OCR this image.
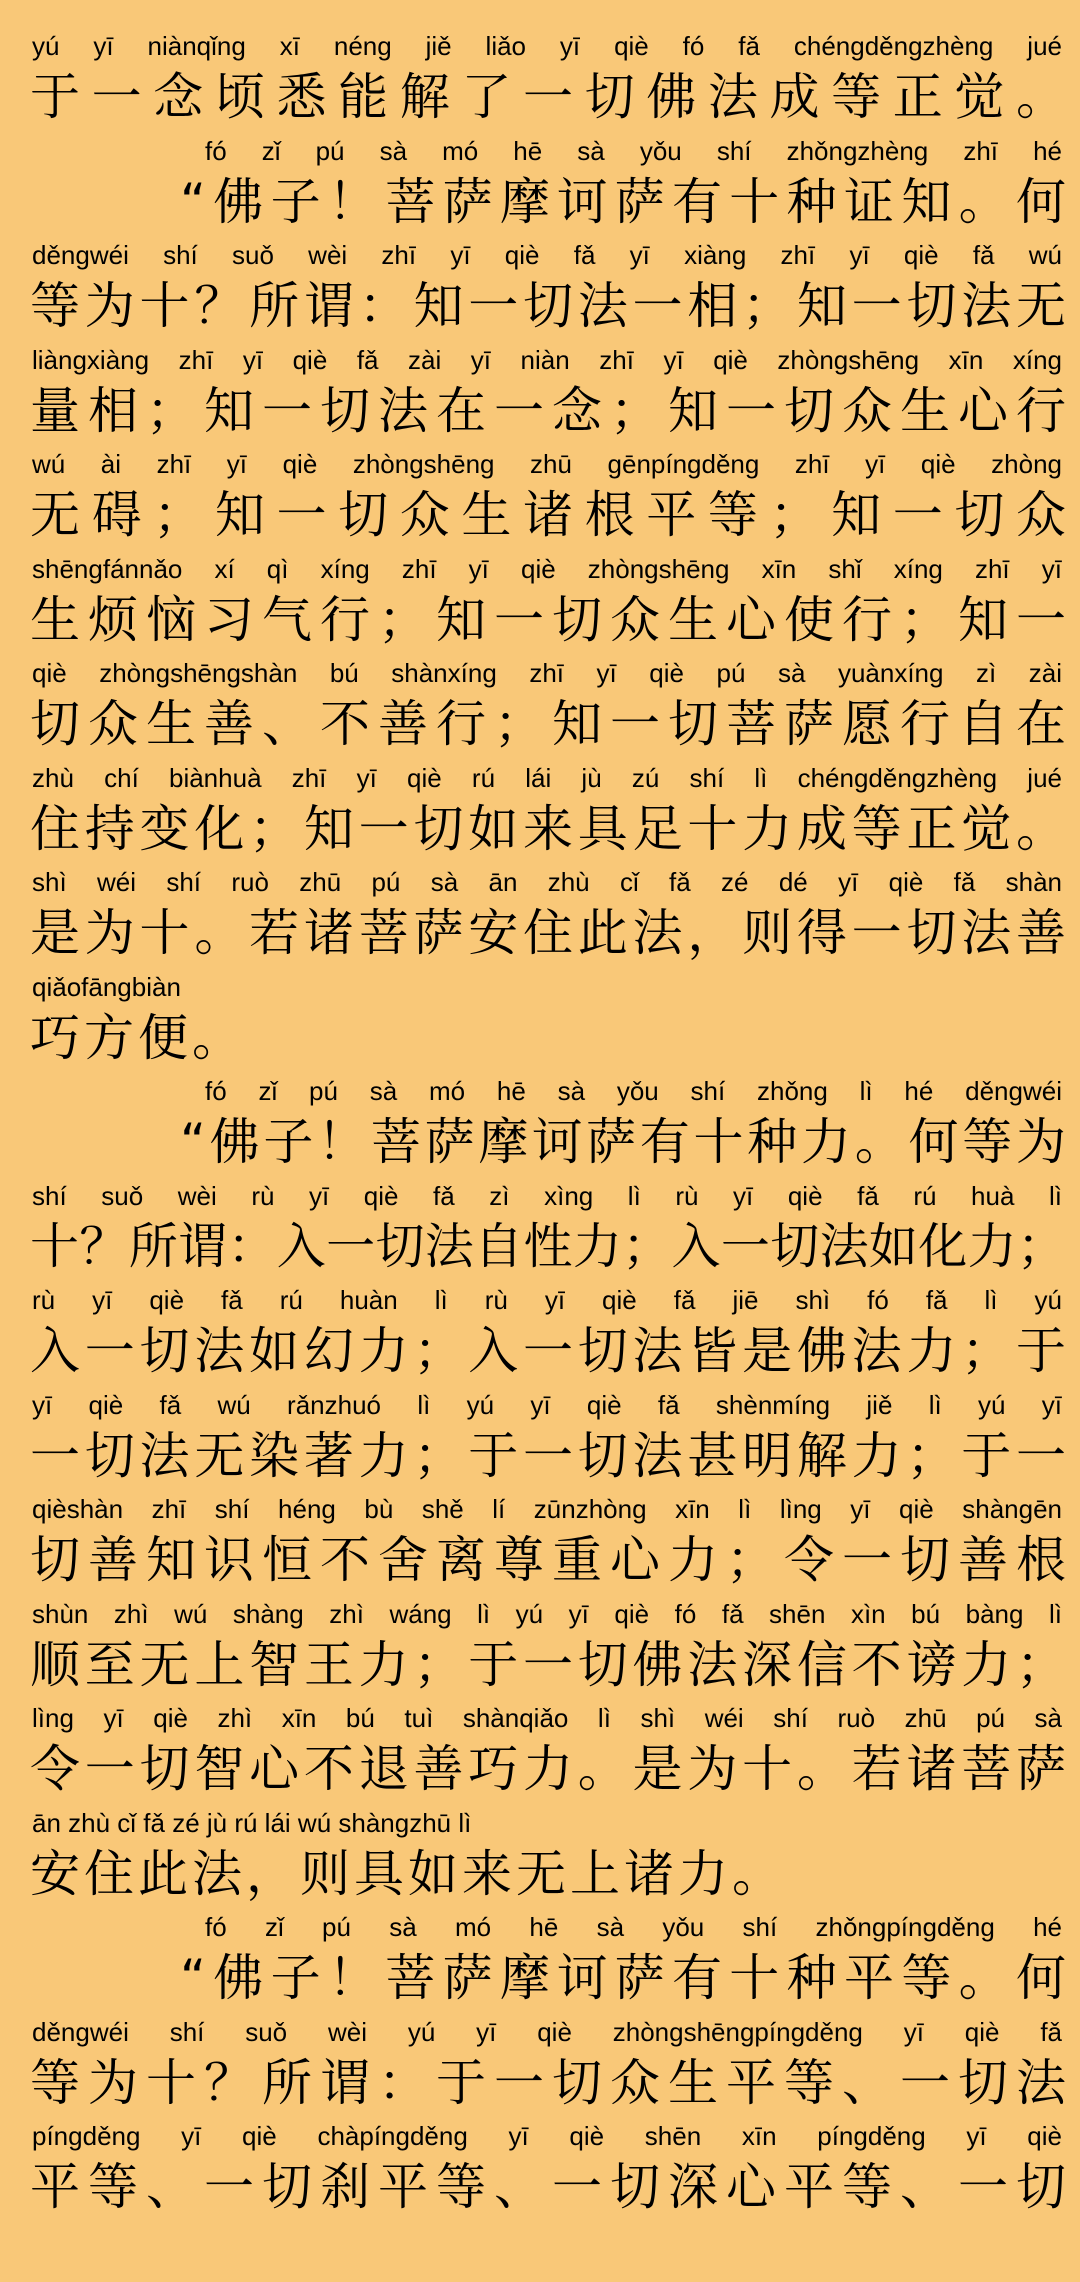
yú yī niànqǐng xī néng jiě liǎo yī qiè fó fǎ chéngděngzhèng jué
于一念顷悉能解了一切佛法成等正觉。
fó zǐ pú sà mó hē sà yǒu shí zhǒngzhèng zhī hé
“佛子！菩萨摩诃萨有十种证知。何
děngwéi shí suǒ wèi zhī yī qiè fǎ yī xiàng zhī yī qiè fǎ wú
等为十？所谓：知一切法一相；知一切法无
liàngxiàng zhī yī qiè fǎ zài yī niàn zhī yī qiè zhòngshēng xīn xíng
量相；知一切法在一念；知一切众生心行
wú ài zhī yī qiè zhòngshēng zhū gēnpíngděng zhī yī qiè zhòng
无碍；知一切众生诸根平等；知一切众
shēngfánnǎo xí qì xíng zhī yī qiè zhòngshēng xīn shǐ xíng zhī yī
生烦恼习气行；知一切众生心使行；知一
qiè zhòngshēngshàn bú shànxíng zhī yī qiè pú sà yuànxíng zì zài
切众生善、不善行；知一切菩萨愿行自在
zhù chí biànhuà zhī yī qiè rú lái jù zú shí lì chéngděngzhèng jué
住持变化；知一切如来具足十力成等正觉。
shì wéi shí ruò zhū pú sà ān zhù cǐ fǎ zé dé yī qiè fǎ shàn
是为十。若诸菩萨安住此法，则得一切法善
qiǎofāngbiàn
巧方便。
fó zǐ pú sà mó hē sà yǒu shí zhǒng lì hé děngwéi
“佛子！菩萨摩诃萨有十种力。何等为
shí suǒ wèi rù yī qiè fǎ zì xìng lì rù yī qiè fǎ rú huà lì
十？所谓：入一切法自性力；入一切法如化力；
rù yī qiè fǎ rú huàn lì rù yī qiè fǎ jiē shì fó fǎ lì yú
入一切法如幻力；入一切法皆是佛法力；于
yī qiè fǎ wú rǎnzhuó lì yú yī qiè fǎ shènmíng jiě lì yú yī
一切法无染著力；于一切法甚明解力；于一
qièshàn zhī shí héng bù shě lí zūnzhòng xīn lì lìng yī qiè shàngēn
切善知识恒不舍离尊重心力；令一切善根
shùn zhì wú shàng zhì wáng lì yú yī qiè fó fǎ shēn xìn bú bàng lì
顺至无上智王力；于一切佛法深信不谤力；
lìng yī qiè zhì xīn bú tuì shànqiǎo lì shì wéi shí ruò zhū pú sà
令一切智心不退善巧力。是为十。若诸菩萨
ān zhù cǐ fǎ zé jù rú lái wú shàngzhū lì
安住此法，则具如来无上诸力。
fó zǐ pú sà mó hē sà yǒu shí zhǒngpíngděng hé
“佛子！菩萨摩诃萨有十种平等。何
děngwéi shí suǒ wèi yú yī qiè zhòngshēngpíngděng yī qiè fǎ
等为十？所谓：于一切众生平等、一切法
píngděng yī qiè chàpíngděng yī qiè shēn xīn píngděng yī qiè
平等、一切刹平等、一切深心平等、一切
